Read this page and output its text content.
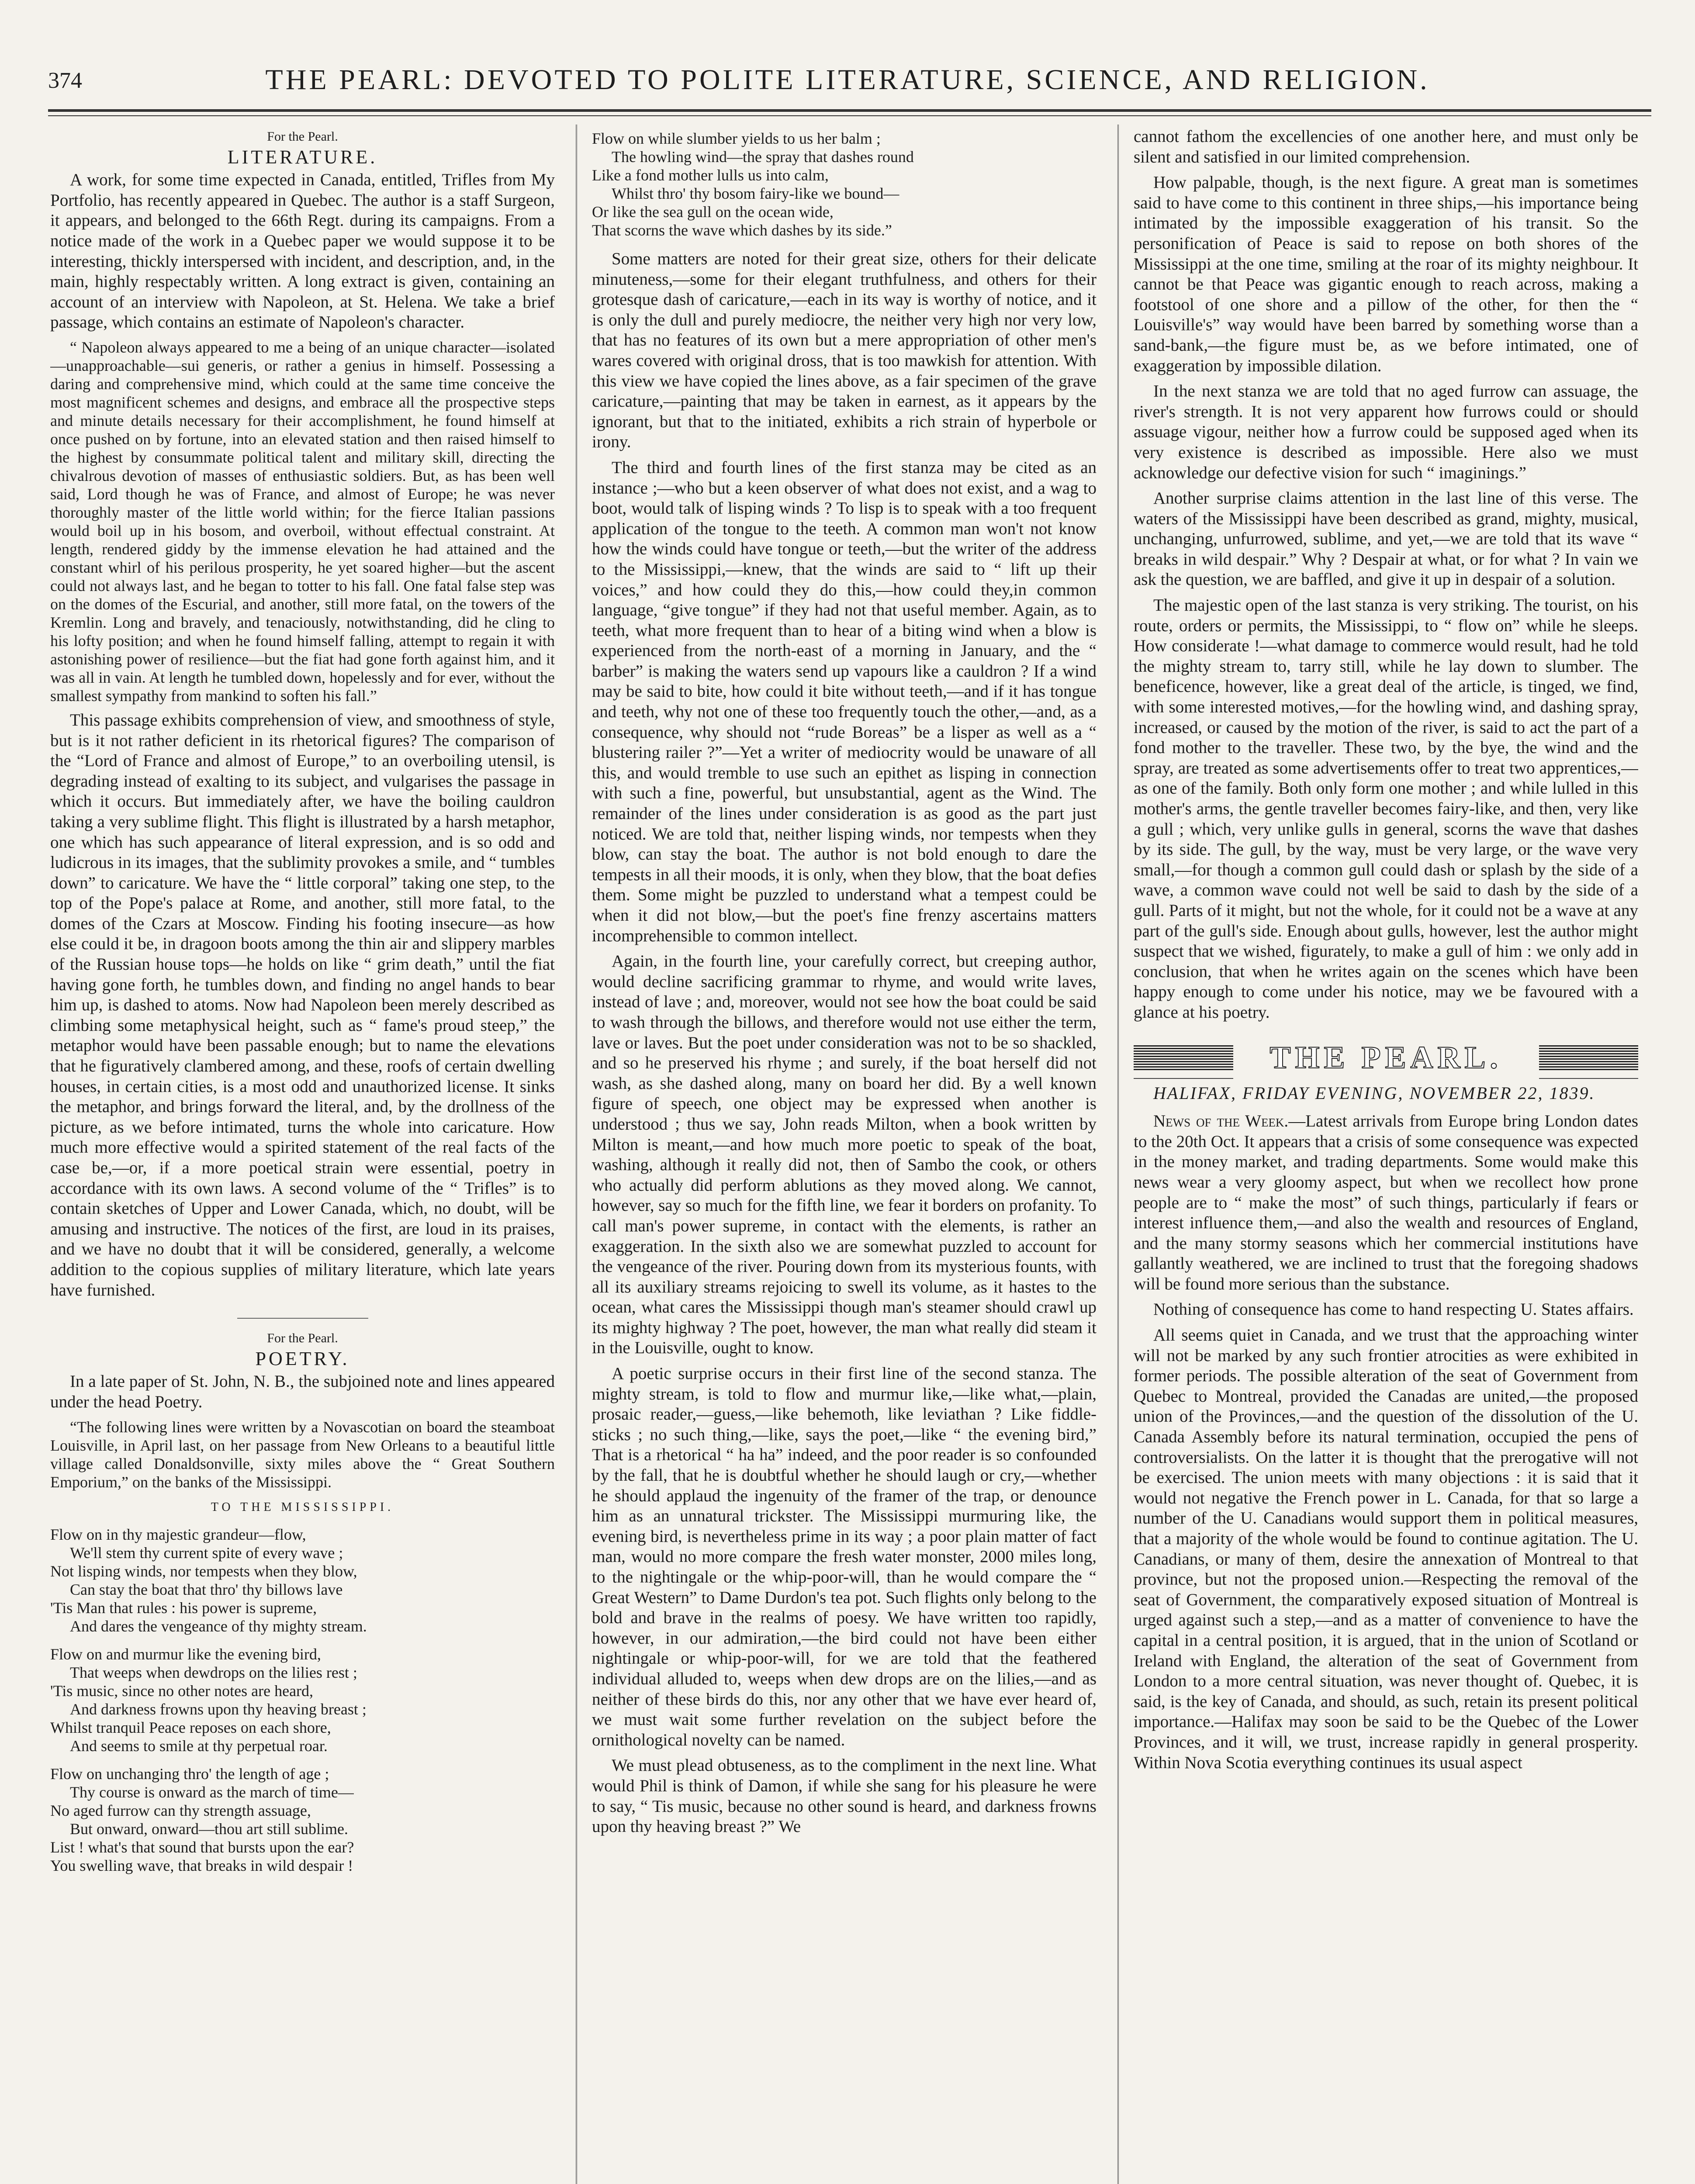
374	THE PEARL: DEVOTED TO POLITE LITERATURE, SCIENCE, AND RELIGION.

For the Pearl.

LITERATURE.

A work, for some time expected in Canada, entitled, Trifles from My Portfolio, has recently appeared in Quebec. The author is a staff Surgeon, it appears, and belonged to the 66th Regt. during its campaigns. From a notice made of the work in a Quebec paper we would suppose it to be interesting, thickly interspersed with incident, and description, and, in the main, highly respectably written. A long extract is given, containing an account of an interview with Napoleon, at St. Helena. We take a brief passage, which contains an estimate of Napoleon's character.

“ Napoleon always appeared to me a being of an unique character—isolated—unapproachable—sui generis, or rather a genius in himself. Possessing a daring and comprehensive mind, which could at the same time conceive the most magnificent schemes and designs, and embrace all the prospective steps and minute details necessary for their accomplishment, he found himself at once pushed on by fortune, into an elevated station and then raised himself to the highest by consummate political talent and military skill, directing the chivalrous devotion of masses of enthusiastic soldiers. But, as has been well said, Lord though he was of France, and almost of Europe; he was never thoroughly master of the little world within; for the fierce Italian passions would boil up in his bosom, and overboil, without effectual constraint. At length, rendered giddy by the immense elevation he had attained and the constant whirl of his perilous prosperity, he yet soared higher—but the ascent could not always last, and he began to totter to his fall. One fatal false step was on the domes of the Escurial, and another, still more fatal, on the towers of the Kremlin. Long and bravely, and tenaciously, notwithstanding, did he cling to his lofty position; and when he found himself falling, attempt to regain it with astonishing power of resilience—but the fiat had gone forth against him, and it was all in vain. At length he tumbled down, hopelessly and for ever, without the smallest sympathy from mankind to soften his fall.”

This passage exhibits comprehension of view, and smoothness of style, but is it not rather deficient in its rhetorical figures? The comparison of the “Lord of France and almost of Europe,” to an overboiling utensil, is degrading instead of exalting to its subject, and vulgarises the passage in which it occurs. But immediately after, we have the boiling cauldron taking a very sublime flight. This flight is illustrated by a harsh metaphor, one which has such appearance of literal expression, and is so odd and ludicrous in its images, that the sublimity provokes a smile, and “ tumbles down” to caricature. We have the “ little corporal” taking one step, to the top of the Pope's palace at Rome, and another, still more fatal, to the domes of the Czars at Moscow. Finding his footing insecure—as how else could it be, in dragoon boots among the thin air and slippery marbles of the Russian house tops—he holds on like “ grim death,” until the fiat having gone forth, he tumbles down, and finding no angel hands to bear him up, is dashed to atoms. Now had Napoleon been merely described as climbing some metaphysical height, such as “ fame's proud steep,” the metaphor would have been passable enough; but to name the elevations that he figuratively clambered among, and these, roofs of certain dwelling houses, in certain cities, is a most odd and unauthorized license. It sinks the metaphor, and brings forward the literal, and, by the drollness of the picture, as we before intimated, turns the whole into caricature. How much more effective would a spirited statement of the real facts of the case be,—or, if a more poetical strain were essential, poetry in accordance with its own laws. A second volume of the “ Trifles” is to contain sketches of Upper and Lower Canada, which, no doubt, will be amusing and instructive. The notices of the first, are loud in its praises, and we have no doubt that it will be considered, generally, a welcome addition to the copious supplies of military literature, which late years have furnished.

For the Pearl.

POETRY.

In a late paper of St. John, N. B., the subjoined note and lines appeared under the head Poetry.

“The following lines were written by a Novascotian on board the steamboat Louisville, in April last, on her passage from New Orleans to a beautiful little village called Donaldsonville, sixty miles above the “ Great Southern Emporium,” on the banks of the Mississippi.

TO THE MISSISSIPPI.

Flow on in thy majestic grandeur—flow,
We'll stem thy current spite of every wave ;
Not lisping winds, nor tempests when they blow,
Can stay the boat that thro' thy billows lave
'Tis Man that rules : his power is supreme,
And dares the vengeance of thy mighty stream.
Flow on and murmur like the evening bird,
That weeps when dewdrops on the lilies rest ;
'Tis music, since no other notes are heard,
And darkness frowns upon thy heaving breast ;
Whilst tranquil Peace reposes on each shore,
And seems to smile at thy perpetual roar.
Flow on unchanging thro' the length of age ;
Thy course is onward as the march of time—
No aged furrow can thy strength assuage,
But onward, onward—thou art still sublime.
List ! what's that sound that bursts upon the ear?
You swelling wave, that breaks in wild despair !
Flow on while slumber yields to us her balm ;
The howling wind—the spray that dashes round
Like a fond mother lulls us into calm,
Whilst thro' thy bosom fairy-like we bound—
Or like the sea gull on the ocean wide,
That scorns the wave which dashes by its side.”

Some matters are noted for their great size, others for their delicate minuteness,—some for their elegant truthfulness, and others for their grotesque dash of caricature,—each in its way is worthy of notice, and it is only the dull and purely mediocre, the neither very high nor very low, that has no features of its own but a mere appropriation of other men's wares covered with original dross, that is too mawkish for attention. With this view we have copied the lines above, as a fair specimen of the grave caricature,—painting that may be taken in earnest, as it appears by the ignorant, but that to the initiated, exhibits a rich strain of hyperbole or irony.

The third and fourth lines of the first stanza may be cited as an instance ;—who but a keen observer of what does not exist, and a wag to boot, would talk of lisping winds ? To lisp is to speak with a too frequent application of the tongue to the teeth. A common man won't not know how the winds could have tongue or teeth,—but the writer of the address to the Mississippi,—knew, that the winds are said to “ lift up their voices,” and how could they do this,—how could they,in common language, “give tongue” if they had not that useful member. Again, as to teeth, what more frequent than to hear of a biting wind when a blow is experienced from the north-east of a morning in January, and the “ barber” is making the waters send up vapours like a cauldron ? If a wind may be said to bite, how could it bite without teeth,—and if it has tongue and teeth, why not one of these too frequently touch the other,—and, as a consequence, why should not “rude Boreas” be a lisper as well as a “ blustering railer ?”—Yet a writer of mediocrity would be unaware of all this, and would tremble to use such an epithet as lisping in connection with such a fine, powerful, but unsubstantial, agent as the Wind. The remainder of the lines under consideration is as good as the part just noticed. We are told that, neither lisping winds, nor tempests when they blow, can stay the boat. The author is not bold enough to dare the tempests in all their moods, it is only, when they blow, that the boat defies them. Some might be puzzled to understand what a tempest could be when it did not blow,—but the poet's fine frenzy ascertains matters incomprehensible to common intellect.

Again, in the fourth line, your carefully correct, but creeping author, would decline sacrificing grammar to rhyme, and would write laves, instead of lave ; and, moreover, would not see how the boat could be said to wash through the billows, and therefore would not use either the term, lave or laves. But the poet under consideration was not to be so shackled, and so he preserved his rhyme ; and surely, if the boat herself did not wash, as she dashed along, many on board her did. By a well known figure of speech, one object may be expressed when another is understood ; thus we say, John reads Milton, when a book written by Milton is meant,—and how much more poetic to speak of the boat, washing, although it really did not, then of Sambo the cook, or others who actually did perform ablutions as they moved along. We cannot, however, say so much for the fifth line, we fear it borders on profanity. To call man's power supreme, in contact with the elements, is rather an exaggeration. In the sixth also we are somewhat puzzled to account for the vengeance of the river. Pouring down from its mysterious founts, with all its auxiliary streams rejoicing to swell its volume, as it hastes to the ocean, what cares the Mississippi though man's steamer should crawl up its mighty highway ? The poet, however, the man what really did steam it in the Louisville, ought to know.

A poetic surprise occurs in their first line of the second stanza. The mighty stream, is told to flow and murmur like,—like what,—plain, prosaic reader,—guess,—like behemoth, like leviathan ? Like fiddle-sticks ; no such thing,—like, says the poet,—like “ the evening bird,” That is a rhetorical “ ha ha” indeed, and the poor reader is so confounded by the fall, that he is doubtful whether he should laugh or cry,—whether he should applaud the ingenuity of the framer of the trap, or denounce him as an unnatural trickster. The Mississippi murmuring like, the evening bird, is nevertheless prime in its way ; a poor plain matter of fact man, would no more compare the fresh water monster, 2000 miles long, to the nightingale or the whip-poor-will, than he would compare the “ Great Western” to Dame Durdon's tea pot. Such flights only belong to the bold and brave in the realms of poesy. We have written too rapidly, however, in our admiration,—the bird could not have been either nightingale or whip-poor-will, for we are told that the feathered individual alluded to, weeps when dew drops are on the lilies,—and as neither of these birds do this, nor any other that we have ever heard of, we must wait some further revelation on the subject before the ornithological novelty can be named.

We must plead obtuseness, as to the compliment in the next line. What would Phil is think of Damon, if while she sang for his pleasure he were to say, “ Tis music, because no other sound is heard, and darkness frowns upon thy heaving breast ?” We

cannot fathom the excellencies of one another here, and must only be silent and satisfied in our limited comprehension.

How palpable, though, is the next figure. A great man is sometimes said to have come to this continent in three ships,—his importance being intimated by the impossible exaggeration of his transit. So the personification of Peace is said to repose on both shores of the Mississippi at the one time, smiling at the roar of its mighty neighbour. It cannot be that Peace was gigantic enough to reach across, making a footstool of one shore and a pillow of the other, for then the “ Louisville's” way would have been barred by something worse than a sand-bank,—the figure must be, as we before intimated, one of exaggeration by impossible dilation.

In the next stanza we are told that no aged furrow can assuage, the river's strength. It is not very apparent how furrows could or should assuage vigour, neither how a furrow could be supposed aged when its very existence is described as impossible. Here also we must acknowledge our defective vision for such “ imaginings.”

Another surprise claims attention in the last line of this verse. The waters of the Mississippi have been described as grand, mighty, musical, unchanging, unfurrowed, sublime, and yet,—we are told that its wave “ breaks in wild despair.” Why ? Despair at what, or for what ? In vain we ask the question, we are baffled, and give it up in despair of a solution.

The majestic open of the last stanza is very striking. The tourist, on his route, orders or permits, the Mississippi, to “ flow on” while he sleeps. How considerate !—what damage to commerce would result, had he told the mighty stream to, tarry still, while he lay down to slumber. The beneficence, however, like a great deal of the article, is tinged, we find, with some interested motives,—for the howling wind, and dashing spray, increased, or caused by the motion of the river, is said to act the part of a fond mother to the traveller. These two, by the bye, the wind and the spray, are treated as some advertisements offer to treat two apprentices,—as one of the family. Both only form one mother ; and while lulled in this mother's arms, the gentle traveller becomes fairy-like, and then, very like a gull ; which, very unlike gulls in general, scorns the wave that dashes by its side. The gull, by the way, must be very large, or the wave very small,—for though a common gull could dash or splash by the side of a wave, a common wave could not well be said to dash by the side of a gull. Parts of it might, but not the whole, for it could not be a wave at any part of the gull's side. Enough about gulls, however, lest the author might suspect that we wished, figurately, to make a gull of him : we only add in conclusion, that when he writes again on the scenes which have been happy enough to come under his notice, may we be favoured with a glance at his poetry.

THE PEARL.

HALIFAX, FRIDAY EVENING, NOVEMBER 22, 1839.

News of the Week.—Latest arrivals from Europe bring London dates to the 20th Oct. It appears that a crisis of some consequence was expected in the money market, and trading departments. Some would make this news wear a very gloomy aspect, but when we recollect how prone people are to “ make the most” of such things, particularly if fears or interest influence them,—and also the wealth and resources of England, and the many stormy seasons which her commercial institutions have gallantly weathered, we are inclined to trust that the foregoing shadows will be found more serious than the substance.

Nothing of consequence has come to hand respecting U. States affairs.

All seems quiet in Canada, and we trust that the approaching winter will not be marked by any such frontier atrocities as were exhibited in former periods. The possible alteration of the seat of Government from Quebec to Montreal, provided the Canadas are united,—the proposed union of the Provinces,—and the question of the dissolution of the U. Canada Assembly before its natural termination, occupied the pens of controversialists. On the latter it is thought that the prerogative will not be exercised. The union meets with many objections : it is said that it would not negative the French power in L. Canada, for that so large a number of the U. Canadians would support them in political measures, that a majority of the whole would be found to continue agitation. The U. Canadians, or many of them, desire the annexation of Montreal to that province, but not the proposed union.—Respecting the removal of the seat of Government, the comparatively exposed situation of Montreal is urged against such a step,—and as a matter of convenience to have the capital in a central position, it is argued, that in the union of Scotland or Ireland with England, the alteration of the seat of Government from London to a more central situation, was never thought of. Quebec, it is said, is the key of Canada, and should, as such, retain its present political importance.—Halifax may soon be said to be the Quebec of the Lower Provinces, and it will, we trust, increase rapidly in general prosperity. Within Nova Scotia everything continues its usual aspect
